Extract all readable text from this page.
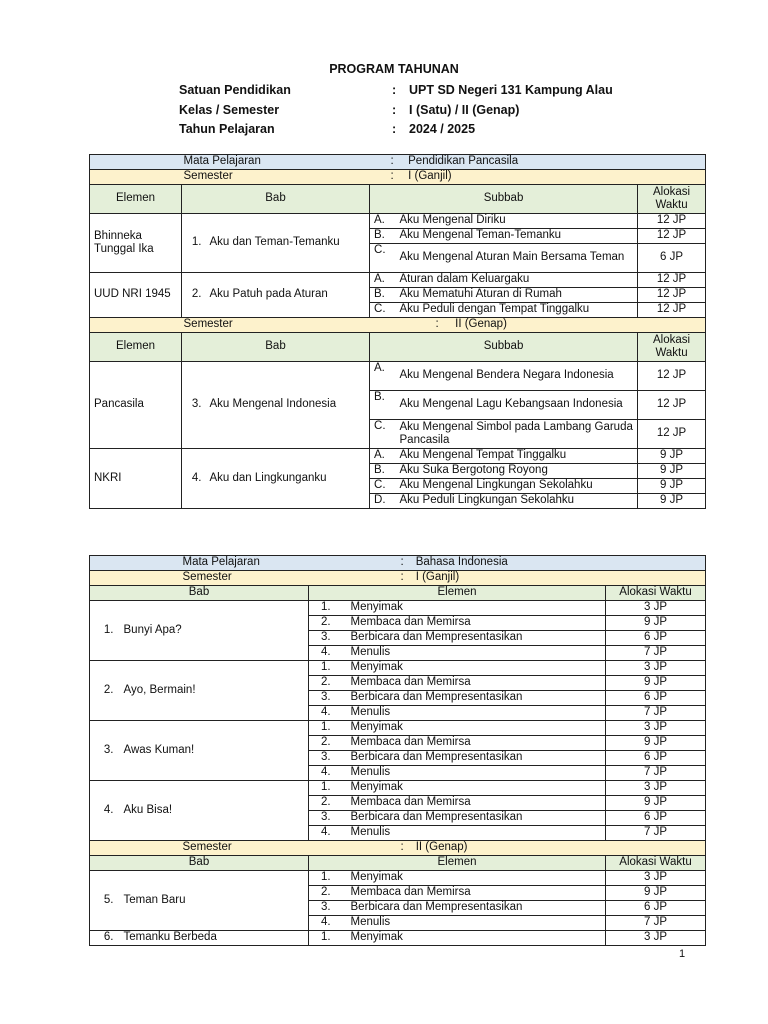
PROGRAM TAHUNAN
Satuan Pendidikan	:	UPT SD Negeri 131 Kampung Alau
Kelas / Semester	:	I (Satu) / II (Genap)
Tahun Pelajaran	:	2024 / 2025
	Mata Pelajaran		: Pendidikan Pancasila		
	Semester		: I (Ganjil)		
Elemen	Bab		Subbab		Alokasi Waktu
Bhinneka Tunggal Ika	1.	Aku dan Teman-Temanku	A.	Aku Mengenal Diriku	12 JP
			B.	Aku Mengenal Teman-Temanku	12 JP
			C.	Aku Mengenal Aturan Main Bersama Teman	6 JP
UUD NRI 1945	2.	Aku Patuh pada Aturan	A.	Aturan dalam Keluargaku	12 JP
			B.	Aku Mematuhi Aturan di Rumah	12 JP
			C.	Aku Peduli dengan Tempat Tinggalku	12 JP
	Semester		: II (Genap)		
Elemen	Bab		Subbab		Alokasi Waktu
Pancasila	3.	Aku Mengenal Indonesia	A.	Aku Mengenal Bendera Negara Indonesia	12 JP
			B.	Aku Mengenal Lagu Kebangsaan Indonesia	12 JP
			C.	Aku Mengenal Simbol pada Lambang Garuda Pancasila	12 JP
NKRI	4.	Aku dan Lingkunganku	A.	Aku Mengenal Tempat Tinggalku	9 JP
			B.	Aku Suka Bergotong Royong	9 JP
			C.	Aku Mengenal Lingkungan Sekolahku	9 JP
			D.	Aku Peduli Lingkungan Sekolahku	9 JP
	Mata Pelajaran	: Bahasa Indonesia		
	Semester	: I (Ganjil)		
Bab		Elemen		Alokasi Waktu
1.	Bunyi Apa?	1.	Menyimak	3 JP
		2.	Membaca dan Memirsa	9 JP
		3.	Berbicara dan Mempresentasikan	6 JP
		4.	Menulis	7 JP
2.	Ayo, Bermain!	1.	Menyimak	3 JP
		2.	Membaca dan Memirsa	9 JP
		3.	Berbicara dan Mempresentasikan	6 JP
		4.	Menulis	7 JP
3.	Awas Kuman!	1.	Menyimak	3 JP
		2.	Membaca dan Memirsa	9 JP
		3.	Berbicara dan Mempresentasikan	6 JP
		4.	Menulis	7 JP
4.	Aku Bisa!	1.	Menyimak	3 JP
		2.	Membaca dan Memirsa	9 JP
		3.	Berbicara dan Mempresentasikan	6 JP
		4.	Menulis	7 JP
	Semester	: II (Genap)		
Bab		Elemen		Alokasi Waktu
5.	Teman Baru	1.	Menyimak	3 JP
		2.	Membaca dan Memirsa	9 JP
		3.	Berbicara dan Mempresentasikan	6 JP
		4.	Menulis	7 JP
6.	Temanku Berbeda	1.	Menyimak	3 JP
1
